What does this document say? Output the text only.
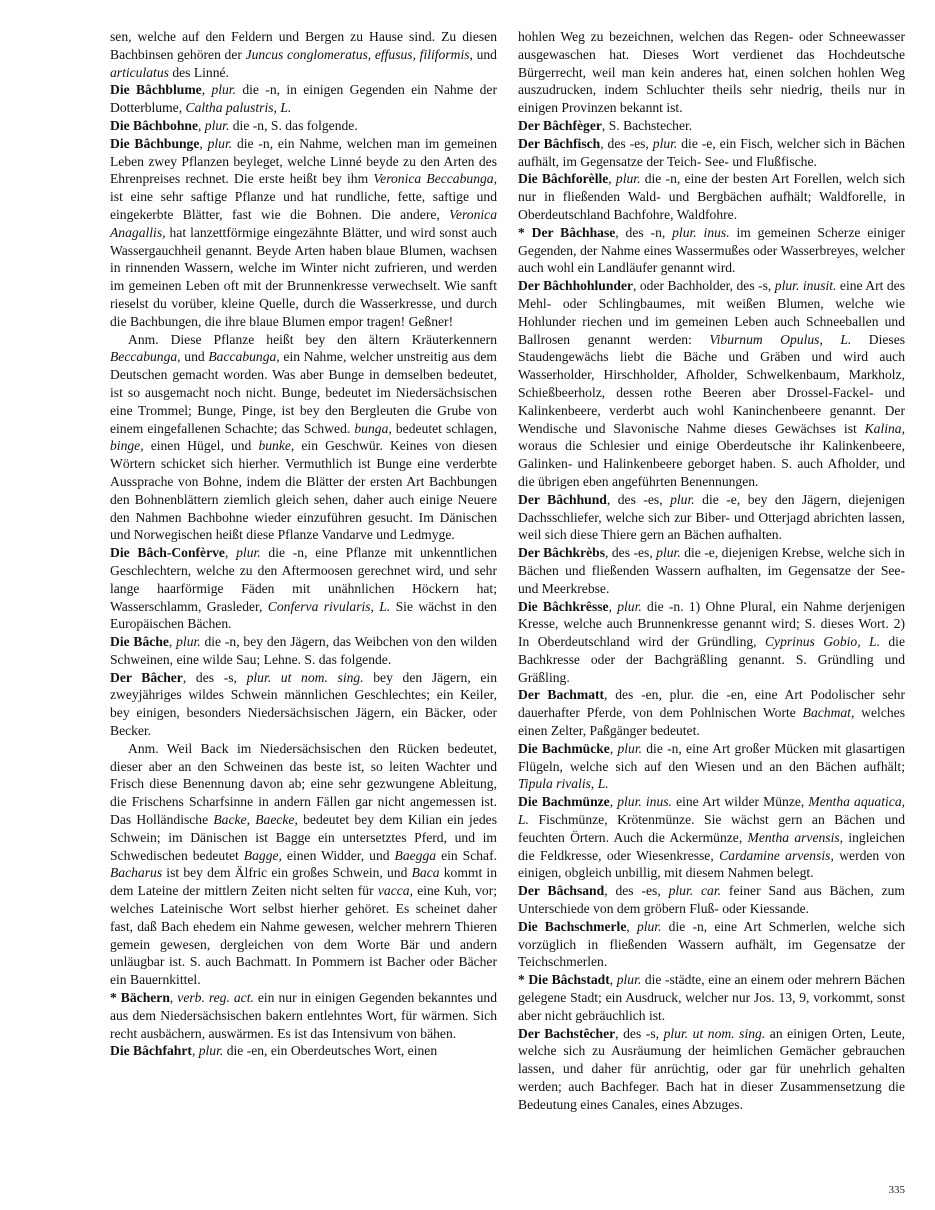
sen, welche auf den Feldern und Bergen zu Hause sind. Zu diesen Bachbinsen gehören der Juncus conglomeratus, effusus, filiformis, und articulatus des Linné.

Die Bâchblume, plur. die -n, in einigen Gegenden ein Nahme der Dotterblume, Caltha palustris, L.

Die Bâchbohne, plur. die -n, S. das folgende.

Die Bâchbunge, plur. die -n, ein Nahme, welchen man im gemeinen Leben zwey Pflanzen beyleget, welche Linné beyde zu den Arten des Ehrenpreises rechnet. Die erste heißt bey ihm Veronica Beccabunga, ist eine sehr saftige Pflanze und hat rundliche, fette, saftige und eingekerbte Blätter, fast wie die Bohnen. Die andere, Veronica Anagallis, hat lanzettförmige eingezähnte Blätter, und wird sonst auch Wassergauchheil genannt. Beyde Arten haben blaue Blumen, wachsen in rinnenden Wassern, welche im Winter nicht zufrieren, und werden im gemeinen Leben oft mit der Brunnenkresse verwechselt. Wie sanft rieselst du vorüber, kleine Quelle, durch die Wasserkresse, und durch die Bachbungen, die ihre blaue Blumen empor tragen! Geßner!

Anm. Diese Pflanze heißt bey den ältern Kräuterkennern Beccabunga, und Baccabunga, ein Nahme, welcher unstreitig aus dem Deutschen gemacht worden. Was aber Bunge in demselben bedeutet, ist so ausgemacht noch nicht. Bunge, bedeutet im Niedersächsischen eine Trommel; Bunge, Pinge, ist bey den Bergleuten die Grube von einem eingefallenen Schachte; das Schwed. bunga, bedeutet schlagen, binge, einen Hügel, und bunke, ein Geschwür. Keines von diesen Wörtern schicket sich hierher. Vermuthlich ist Bunge eine verderbte Aussprache von Bohne, indem die Blätter der ersten Art Bachbungen den Bohnenblättern ziemlich gleich sehen, daher auch einige Neuere den Nahmen Bachbohne wieder einzuführen gesucht. Im Dänischen und Norwegischen heißt diese Pflanze Vandarve und Ledmyge.

Die Bâch-Confèrve, plur. die -n, eine Pflanze mit unkenntlichen Geschlechtern, welche zu den Aftermoosen gerechnet wird, und sehr lange haarförmige Fäden mit unähnlichen Höckern hat; Wasserschlamm, Grasleder, Conferva rivularis, L. Sie wächst in den Europäischen Bächen.

Die Bâche, plur. die -n, bey den Jägern, das Weibchen von den wilden Schweinen, eine wilde Sau; Lehne. S. das folgende.

Der Bâcher, des -s, plur. ut nom. sing. bey den Jägern, ein zweyjähriges wildes Schwein männlichen Geschlechtes; ein Keiler, bey einigen, besonders Niedersächsischen Jägern, ein Bäcker, oder Becker.

Anm. Weil Back im Niedersächsischen den Rücken bedeutet, dieser aber an den Schweinen das beste ist, so leiten Wachter und Frisch diese Benennung davon ab; eine sehr gezwungene Ableitung, die Frischens Scharfsinne in andern Fällen gar nicht angemessen ist. Das Holländische Backe, Baecke, bedeutet bey dem Kilian ein jedes Schwein; im Dänischen ist Bagge ein untersetztes Pferd, und im Schwedischen bedeutet Bagge, einen Widder, und Baegga ein Schaf. Bacharus ist bey dem Älfric ein großes Schwein, und Baca kommt in dem Lateine der mittlern Zeiten nicht selten für vacca, eine Kuh, vor; welches Lateinische Wort selbst hierher gehöret. Es scheinet daher fast, daß Bach ehedem ein Nahme gewesen, welcher mehrern Thieren gemein gewesen, dergleichen von dem Worte Bär und andern unläugbar ist. S. auch Bachmatt. In Pommern ist Bacher oder Bächer ein Bauernkittel.

* Bächern, verb. reg. act. ein nur in einigen Gegenden bekanntes und aus dem Niedersächsischen bakern entlehntes Wort, für wärmen. Sich recht ausbächern, auswärmen. Es ist das Intensivum von bähen.

Die Bâchfahrt, plur. die -en, ein Oberdeutsches Wort, einen

hohlen Weg zu bezeichnen, welchen das Regen- oder Schneewasser ausgewaschen hat. Dieses Wort verdienet das Hochdeutsche Bürgerrecht, weil man kein anderes hat, einen solchen hohlen Weg auszudrucken, indem Schluchter theils sehr niedrig, theils nur in einigen Provinzen bekannt ist.

Der Bâchfèger, S. Bachstecher.

Der Bâchfisch, des -es, plur. die -e, ein Fisch, welcher sich in Bächen aufhält, im Gegensatze der Teich- See- und Flußfische.

Die Bâchforèlle, plur. die -n, eine der besten Art Forellen, welch sich nur in fließenden Wald- und Bergbächen aufhält; Waldforelle, in Oberdeutschland Bachfohre, Waldfohre.

* Der Bâchhase, des -n, plur. inus. im gemeinen Scherze einiger Gegenden, der Nahme eines Wassermußes oder Wasserbreyes, welcher auch wohl ein Landläufer genannt wird.

Der Bâchhohlunder, oder Bachholder, des -s, plur. inusit. eine Art des Mehl- oder Schlingbaumes, mit weißen Blumen, welche wie Hohlunder riechen und im gemeinen Leben auch Schneeballen und Ballrosen genannt werden: Viburnum Opulus, L. Dieses Staudengewächs liebt die Bäche und Gräben und wird auch Wasserholder, Hirschholder, Afholder, Schwelkenbaum, Markholz, Schießbeerholz, dessen rothe Beeren aber Drossel-Fackel- und Kalinkenbeere, verderbt auch wohl Kaninchenbeere genannt. Der Wendische und Slavonische Nahme dieses Gewächses ist Kalina, woraus die Schlesier und einige Oberdeutsche ihr Kalinkenbeere, Galinken- und Halinkenbeere geborget haben. S. auch Afholder, und die übrigen eben angeführten Benennungen.

Der Bâchhund, des -es, plur. die -e, bey den Jägern, diejenigen Dachsschliefer, welche sich zur Biber- und Otterjagd abrichten lassen, weil sich diese Thiere gern an Bächen aufhalten.

Der Bâchkrèbs, des -es, plur. die -e, diejenigen Krebse, welche sich in Bächen und fließenden Wassern aufhalten, im Gegensatze der See- und Meerkrebse.

Die Bâchkrêsse, plur. die -n. 1) Ohne Plural, ein Nahme derjenigen Kresse, welche auch Brunnenkresse genannt wird; S. dieses Wort. 2) In Oberdeutschland wird der Gründling, Cyprinus Gobio, L. die Bachkresse oder der Bachgräßling genannt. S. Gründling und Gräßling.

Der Bachmatt, des -en, plur. die -en, eine Art Podolischer sehr dauerhafter Pferde, von dem Pohlnischen Worte Bachmat, welches einen Zelter, Paßgänger bedeutet.

Die Bachmücke, plur. die -n, eine Art großer Mücken mit glasartigen Flügeln, welche sich auf den Wiesen und an den Bächen aufhält; Tipula rivalis, L.

Die Bachmünze, plur. inus. eine Art wilder Münze, Mentha aquatica, L. Fischmünze, Krötenmünze. Sie wächst gern an Bächen und feuchten Örtern. Auch die Ackermünze, Mentha arvensis, ingleichen die Feldkresse, oder Wiesenkresse, Cardamine arvensis, werden von einigen, obgleich unbillig, mit diesem Nahmen belegt.

Der Bâchsand, des -es, plur. car. feiner Sand aus Bächen, zum Unterschiede von dem gröbern Fluß- oder Kiessande.

Die Bachschmerle, plur. die -n, eine Art Schmerlen, welche sich vorzüglich in fließenden Wassern aufhält, im Gegensatze der Teichschmerlen.

* Die Bâchstadt, plur. die -städte, eine an einem oder mehrern Bächen gelegene Stadt; ein Ausdruck, welcher nur Jos. 13, 9, vorkommt, sonst aber nicht gebräuchlich ist.

Der Bachstêcher, des -s, plur. ut nom. sing. an einigen Orten, Leute, welche sich zu Ausräumung der heimlichen Gemächer gebrauchen lassen, und daher für anrüchtig, oder gar für unehrlich gehalten werden; auch Bachfeger. Bach hat in dieser Zusammensetzung die Bedeutung eines Canales, eines Abzuges.

335
